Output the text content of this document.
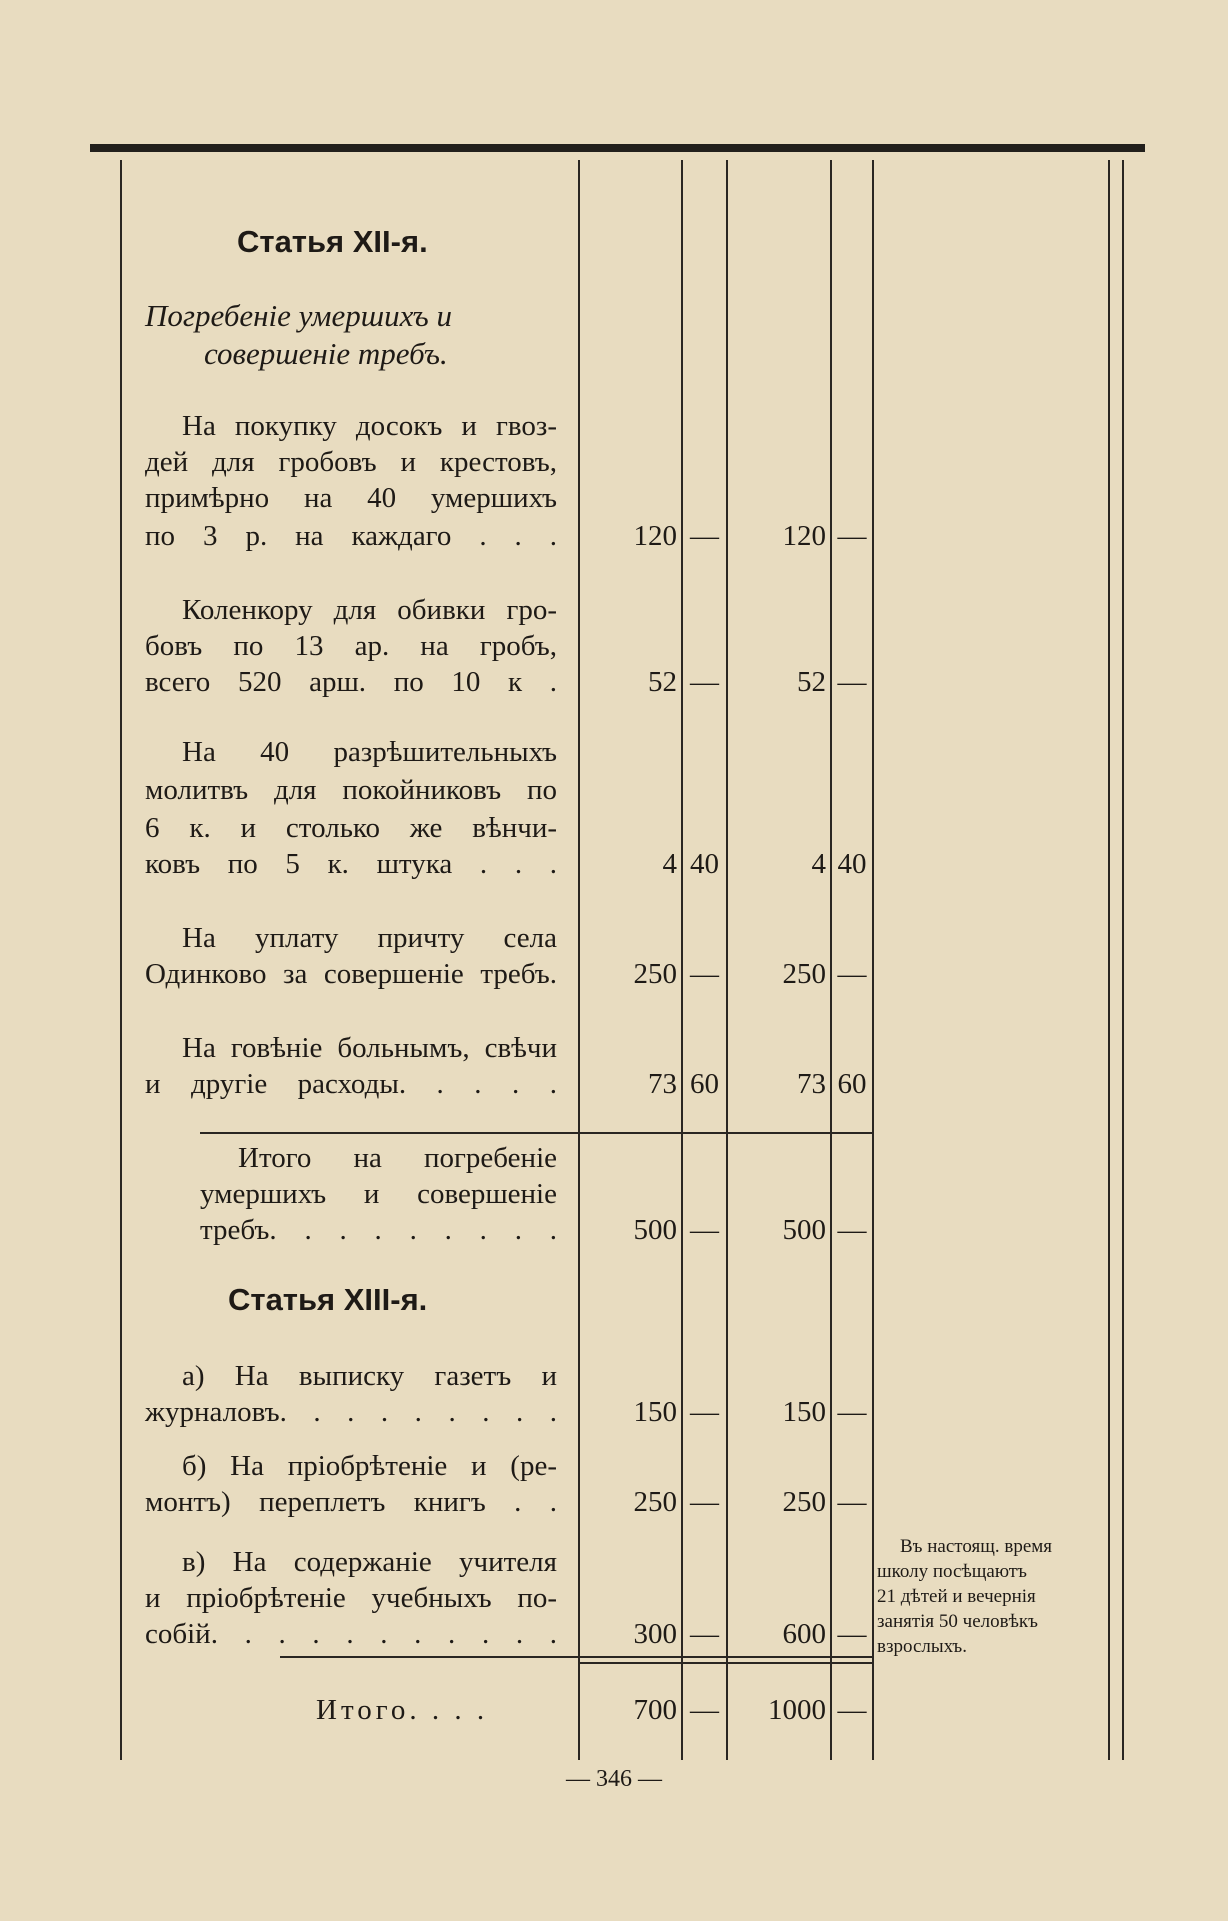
Статья XII-я.
Погребеніе умершихъ и
совершеніе требъ.
На покупку досокъ и гвоз-
дей для гробовъ и крестовъ,
примѣрно на 40 умершихъ
по 3 р. на каждаго . . .	120 —	120 —
Коленкору для обивки гро-
бовъ по 13 ар. на гробъ,
всего 520 арш. по 10 к .	52 —	52 —
На 40 разрѣшительныхъ
молитвъ для покойниковъ по
6 к. и столько же вѣнчи-
ковъ по 5 к. штука . . .	4 40	4 40
На уплату причту села
Одинково за совершеніе требъ.	250 —	250 —
На говѣніе больнымъ, свѣчи
и другіе расходы. . . . .	73 60	73 60
Итого на погребеніе
умершихъ и совершеніе
требъ. . . . . . . . .	500 —	500 —
Статья XIII-я.
а) На выписку газетъ и
журналовъ. . . . . . . . .	150 —	150 —
б) На пріобрѣтеніе и (ре-
монтъ) переплетъ книгъ . .	250 —	250 —
в) На содержаніе учителя
и пріобрѣтеніе учебныхъ по-
собій. . . . . . . . . . .	300 —	600 —
Въ настоящ. время
школу посѣщаютъ
21 дѣтей и вечернія
занятія 50 человѣкъ
взрослыхъ.
Итого. . . .	700 —	1000 —
— 346 —
